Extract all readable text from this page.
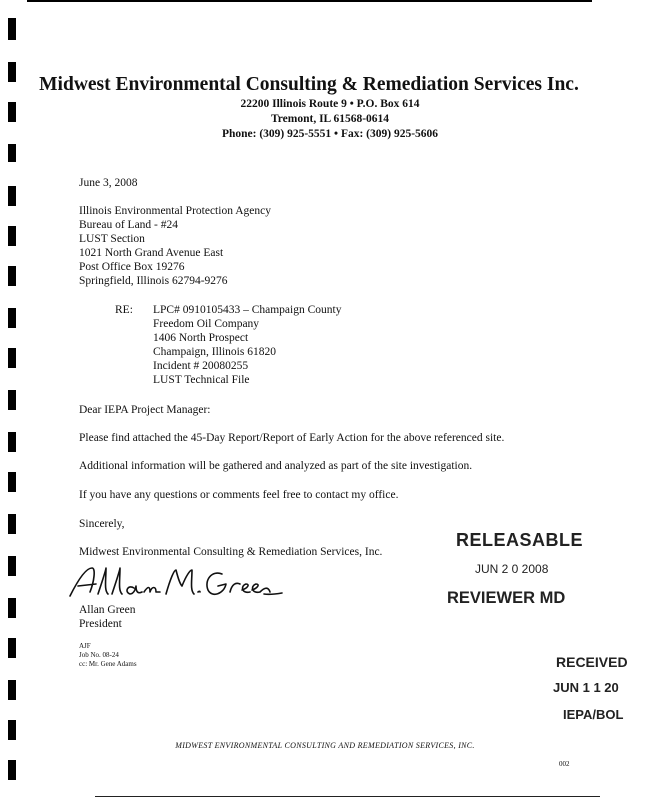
Midwest Environmental Consulting & Remediation Services Inc.
22200 Illinois Route 9 • P.O. Box 614
Tremont, IL 61568-0614
Phone: (309) 925-5551 • Fax: (309) 925-5606
June 3, 2008
Illinois Environmental Protection Agency
Bureau of Land - #24
LUST Section
1021 North Grand Avenue East
Post Office Box 19276
Springfield, Illinois 62794-9276
RE: LPC# 0910105433 – Champaign County
Freedom Oil Company
1406 North Prospect
Champaign, Illinois 61820
Incident # 20080255
LUST Technical File
Dear IEPA Project Manager:
Please find attached the 45-Day Report/Report of Early Action for the above referenced site.
Additional information will be gathered and analyzed as part of the site investigation.
If you have any questions or comments feel free to contact my office.
Sincerely,
Midwest Environmental Consulting & Remediation Services, Inc.
Allan Green
President
AJF
Job No. 08-24
cc: Mr. Gene Adams
RELEASABLE
JUN 2 0 2008
REVIEWER MD
RECEIVED
JUN 1 1 20
IEPA/BOL
MIDWEST ENVIRONMENTAL CONSULTING AND REMEDIATION SERVICES, INC.
002
